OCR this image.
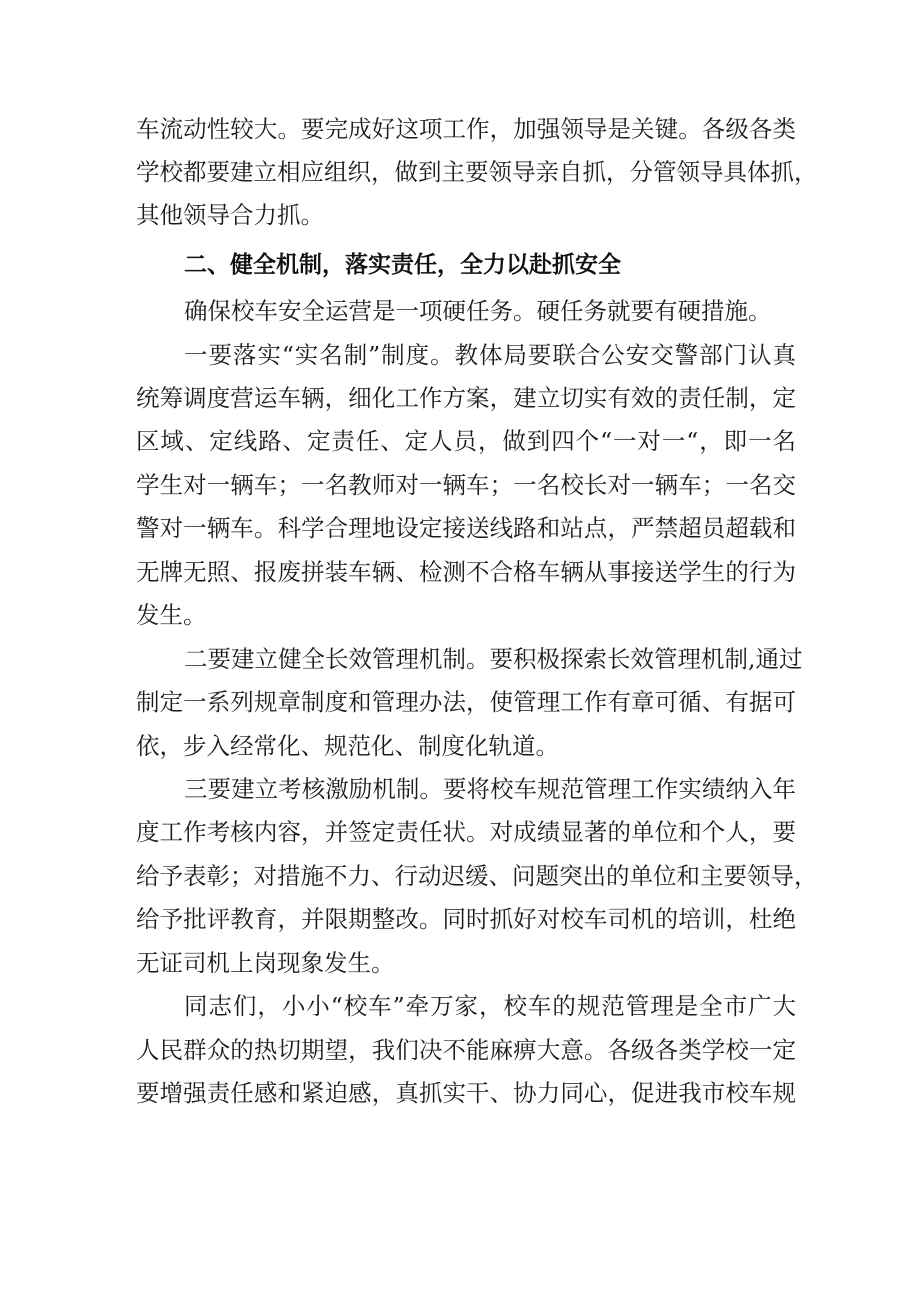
车流动性较大。要完成好这项工作，加强领导是关键。各级各类
学校都要建立相应组织，做到主要领导亲自抓，分管领导具体抓，
其他领导合力抓。
二、健全机制，落实责任，全力以赴抓安全
确保校车安全运营是一项硬任务。硬任务就要有硬措施。
一要落实“实名制”制度。教体局要联合公安交警部门认真
统筹调度营运车辆，细化工作方案，建立切实有效的责任制，定
区域、定线路、定责任、定人员，做到四个“一对一“，即一名
学生对一辆车；一名教师对一辆车；一名校长对一辆车；一名交
警对一辆车。科学合理地设定接送线路和站点，严禁超员超载和
无牌无照、报废拼装车辆、检测不合格车辆从事接送学生的行为
发生。
二要建立健全长效管理机制。要积极探索长效管理机制,通过
制定一系列规章制度和管理办法，使管理工作有章可循、有据可
依，步入经常化、规范化、制度化轨道。
三要建立考核激励机制。要将校车规范管理工作实绩纳入年
度工作考核内容，并签定责任状。对成绩显著的单位和个人，要
给予表彰；对措施不力、行动迟缓、问题突出的单位和主要领导，
给予批评教育，并限期整改。同时抓好对校车司机的培训，杜绝
无证司机上岗现象发生。
同志们，小小“校车”牵万家，校车的规范管理是全市广大
人民群众的热切期望，我们决不能麻痹大意。各级各类学校一定
要增强责任感和紧迫感，真抓实干、协力同心，促进我市校车规
